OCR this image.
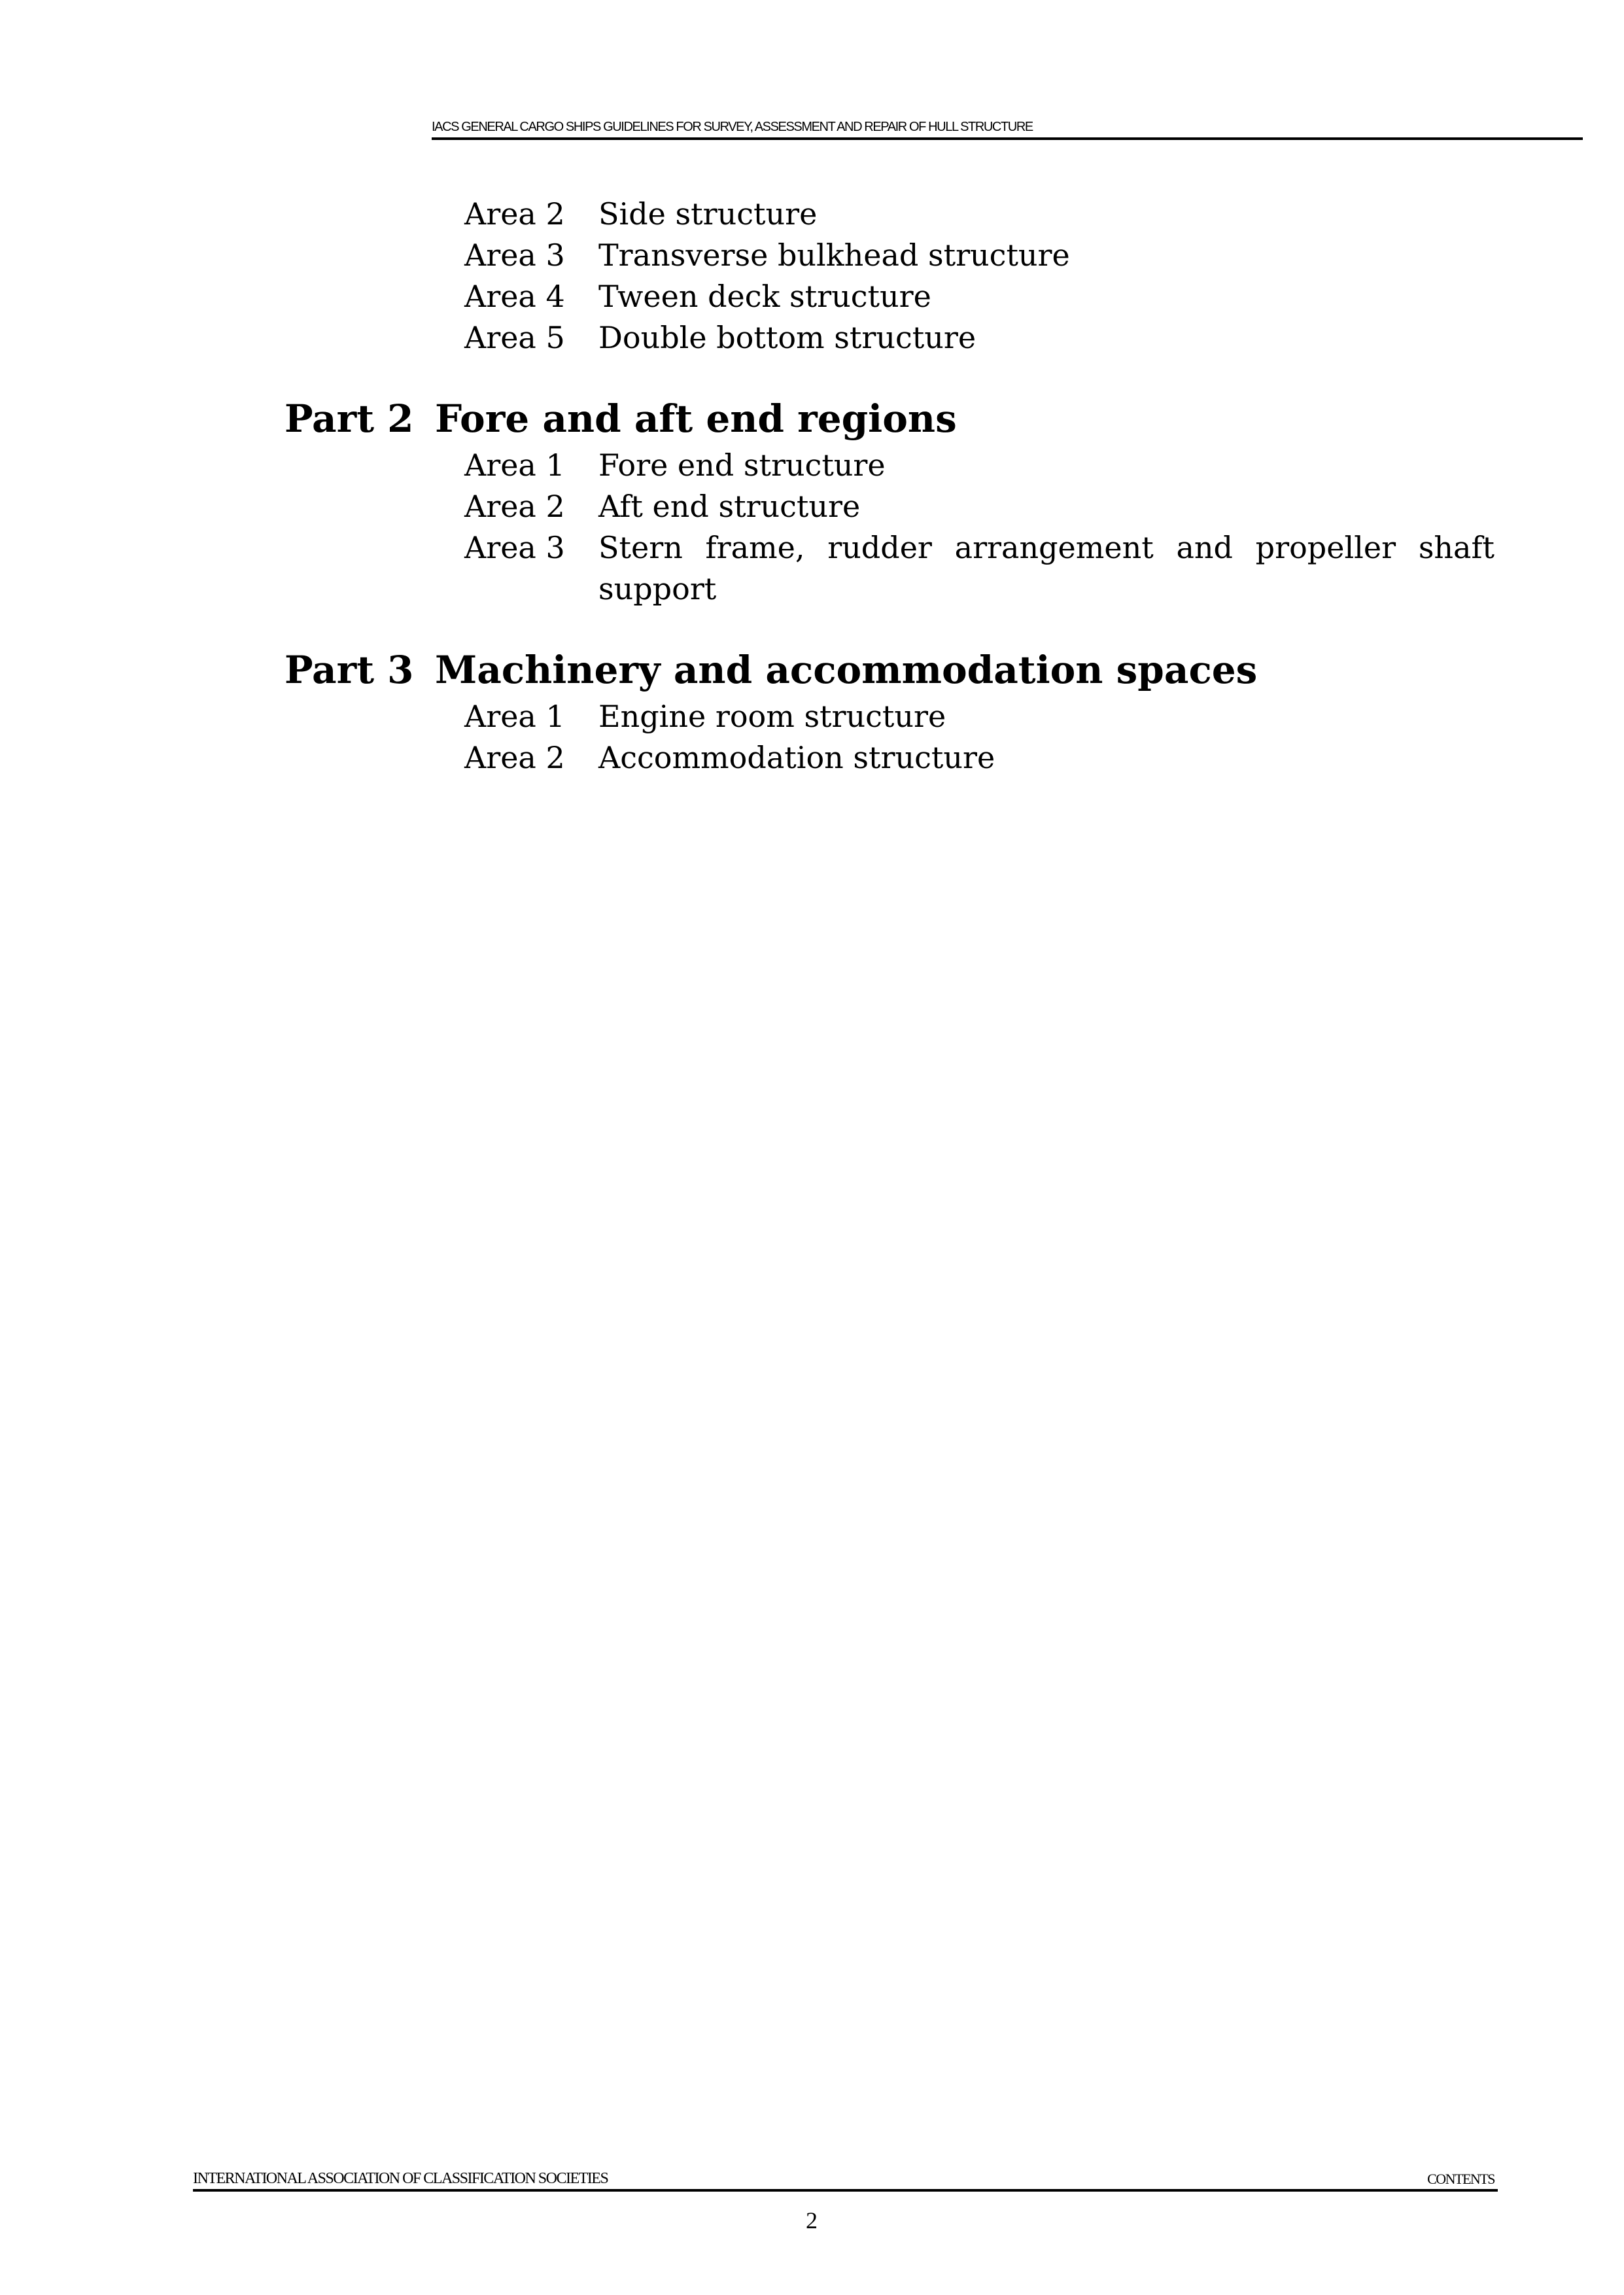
IACS GENERAL CARGO SHIPS GUIDELINES FOR SURVEY, ASSESSMENT AND REPAIR OF HULL STRUCTURE
Area 2 Side structure
Area 3 Transverse bulkhead structure
Area 4 Tween deck structure
Area 5 Double bottom structure
Part 2 Fore and aft end regions
Area 1 Fore end structure
Area 2 Aft end structure
Area 3 Stern frame, rudder arrangement and propeller shaft support
Part 3 Machinery and accommodation spaces
Area 1 Engine room structure
Area 2 Accommodation structure
INTERNATIONAL ASSOCIATION OF CLASSIFICATION SOCIETIES	CONTENTS
2
